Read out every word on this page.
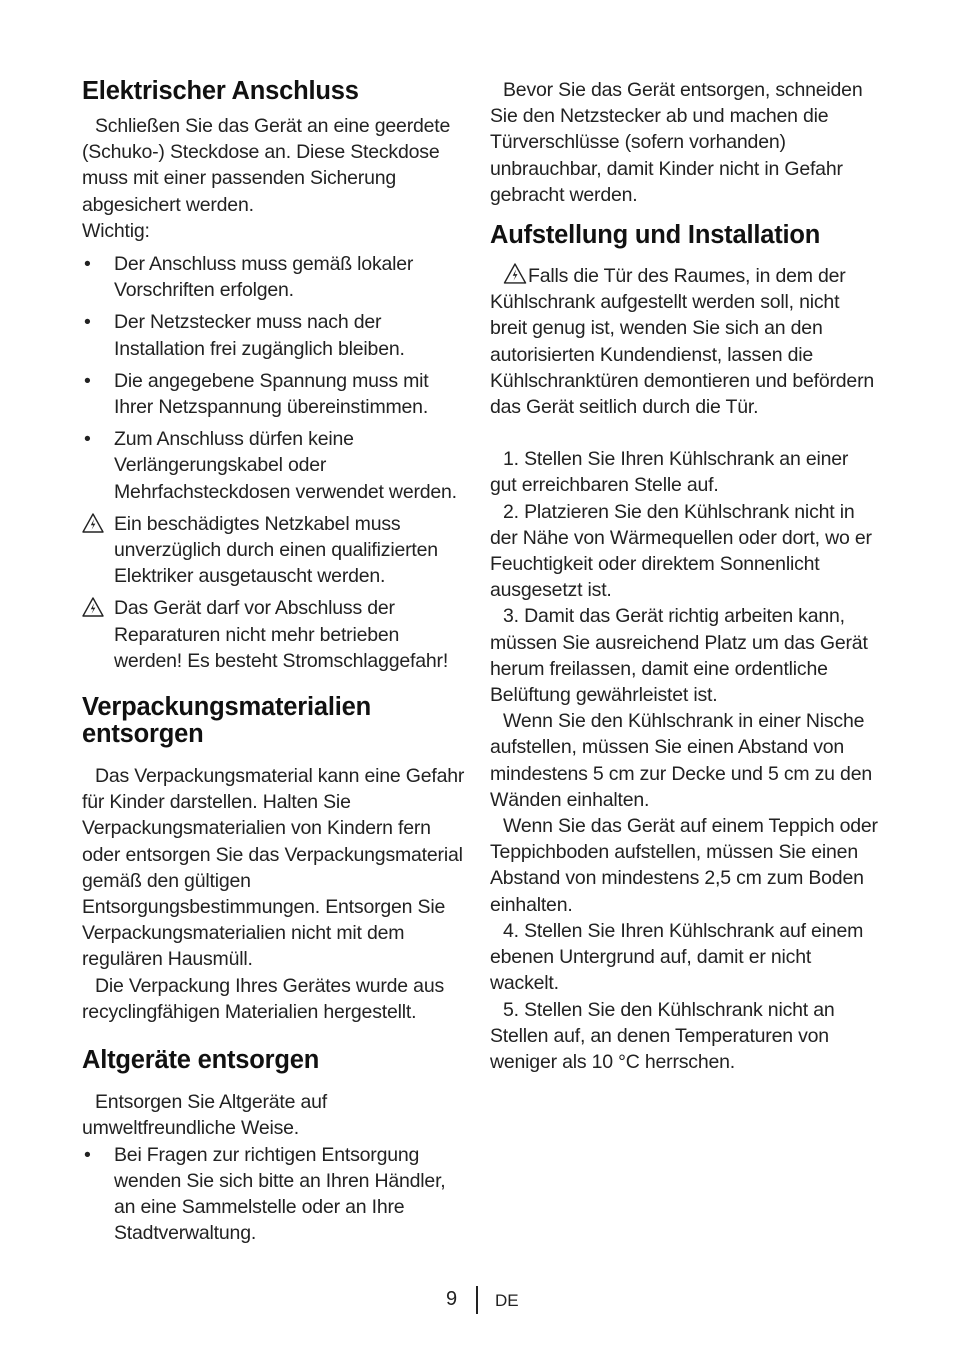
Elektrischer Anschluss

Schließen Sie das Gerät an eine geerdete (Schuko-) Steckdose an. Diese Steckdose muss mit einer passenden Sicherung abgesichert werden.

Wichtig:

• Der Anschluss muss gemäß lokaler Vorschriften erfolgen.
• Der Netzstecker muss nach der Installation frei zugänglich bleiben.
• Die angegebene Spannung muss mit Ihrer Netzspannung übereinstimmen.
• Zum Anschluss dürfen keine Verlängerungskabel oder Mehrfachsteckdosen verwendet werden.
Ein beschädigtes Netzkabel muss unverzüglich durch einen qualifizierten Elektriker ausgetauscht werden.
Das Gerät darf vor Abschluss der Reparaturen nicht mehr betrieben werden! Es besteht Stromschlaggefahr!
Verpackungsmaterialien entsorgen

Das Verpackungsmaterial kann eine Gefahr für Kinder darstellen. Halten Sie Verpackungsmaterialien von Kindern fern oder entsorgen Sie das Verpackungsmaterial gemäß den gültigen Entsorgungsbestimmungen. Entsorgen Sie Verpackungsmaterialien nicht mit dem regulären Hausmüll.

Die Verpackung Ihres Gerätes wurde aus recyclingfähigen Materialien hergestellt.

Altgeräte entsorgen

Entsorgen Sie Altgeräte auf umweltfreundliche Weise.

• Bei Fragen zur richtigen Entsorgung wenden Sie sich bitte an Ihren Händler, an eine Sammelstelle oder an Ihre Stadtverwaltung.

Bevor Sie das Gerät entsorgen, schneiden Sie den Netzstecker ab und machen die Türverschlüsse (sofern vorhanden) unbrauchbar, damit Kinder nicht in Gefahr gebracht werden.

Aufstellung und Installation

Falls die Tür des Raumes, in dem der Kühlschrank aufgestellt werden soll, nicht breit genug ist, wenden Sie sich an den autorisierten Kundendienst, lassen die Kühlschranktüren demontieren und befördern das Gerät seitlich durch die Tür.

1. Stellen Sie Ihren Kühlschrank an einer gut erreichbaren Stelle auf.

2. Platzieren Sie den Kühlschrank nicht in der Nähe von Wärmequellen oder dort, wo er Feuchtigkeit oder direktem Sonnenlicht ausgesetzt ist.

3. Damit das Gerät richtig arbeiten kann, müssen Sie ausreichend Platz um das Gerät herum freilassen, damit eine ordentliche Belüftung gewährleistet ist.

Wenn Sie den Kühlschrank in einer Nische aufstellen, müssen Sie einen Abstand von mindestens 5 cm zur Decke und 5 cm zu den Wänden einhalten.

Wenn Sie das Gerät auf einem Teppich oder Teppichboden aufstellen, müssen Sie einen Abstand von mindestens 2,5 cm zum Boden einhalten.

4. Stellen Sie Ihren Kühlschrank auf einem ebenen Untergrund auf, damit er nicht wackelt.

5. Stellen Sie den Kühlschrank nicht an Stellen auf, an denen Temperaturen von weniger als 10 °C herrschen.

9 DE
